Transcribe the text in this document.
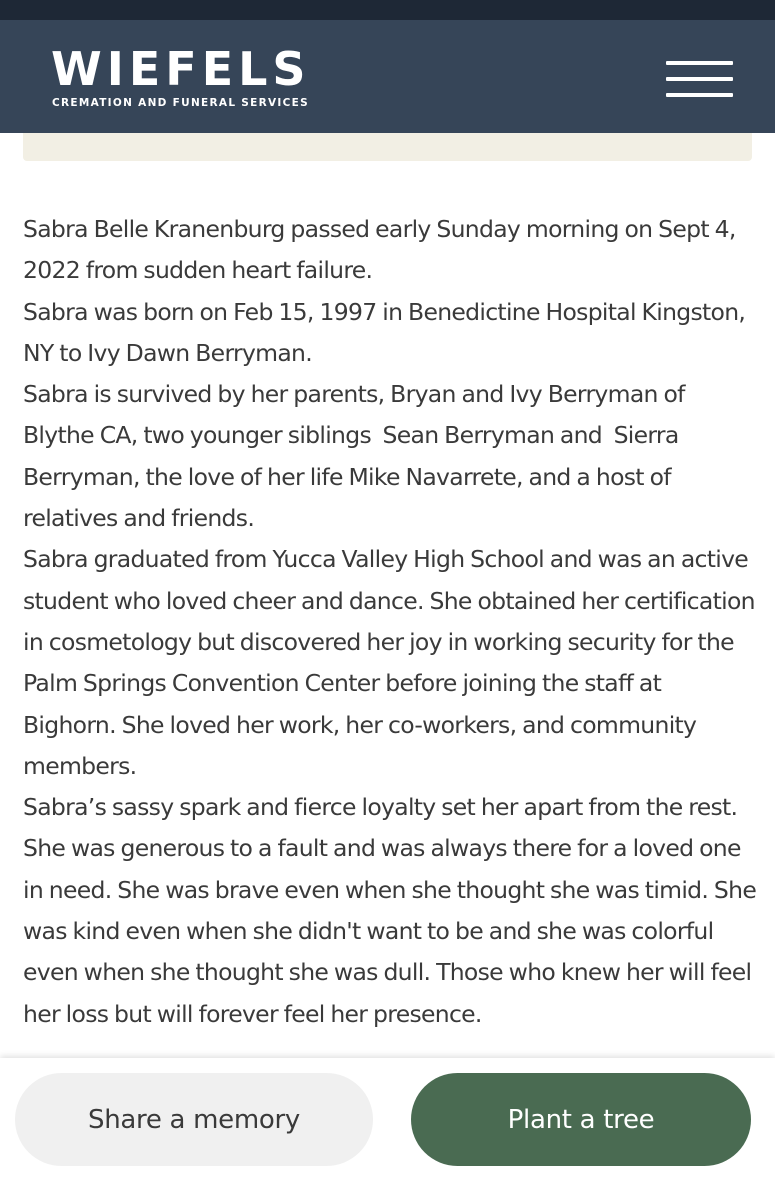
WIEFELS
CREMATION AND FUNERAL SERVICES

Sabra Belle Kranenburg passed early Sunday morning on Sept 4, 2022 from sudden heart failure.

Sabra was born on Feb 15, 1997 in Benedictine Hospital Kingston, NY to Ivy Dawn Berryman.

Sabra is survived by her parents, Bryan and Ivy Berryman of Blythe CA, two younger siblings  Sean Berryman and  Sierra Berryman, the love of her life Mike Navarrete, and a host of relatives and friends.

Sabra graduated from Yucca Valley High School and was an active student who loved cheer and dance. She obtained her certification in cosmetology but discovered her joy in working security for the Palm Springs Convention Center before joining the staff at Bighorn. She loved her work, her co-workers, and community members.

Sabra’s sassy spark and fierce loyalty set her apart from the rest. She was generous to a fault and was always there for a loved one in need. She was brave even when she thought she was timid. She was kind even when she didn't want to be and she was colorful even when she thought she was dull. Those who knew her will feel her loss but will forever feel her presence.

Share a memory	Plant a tree
